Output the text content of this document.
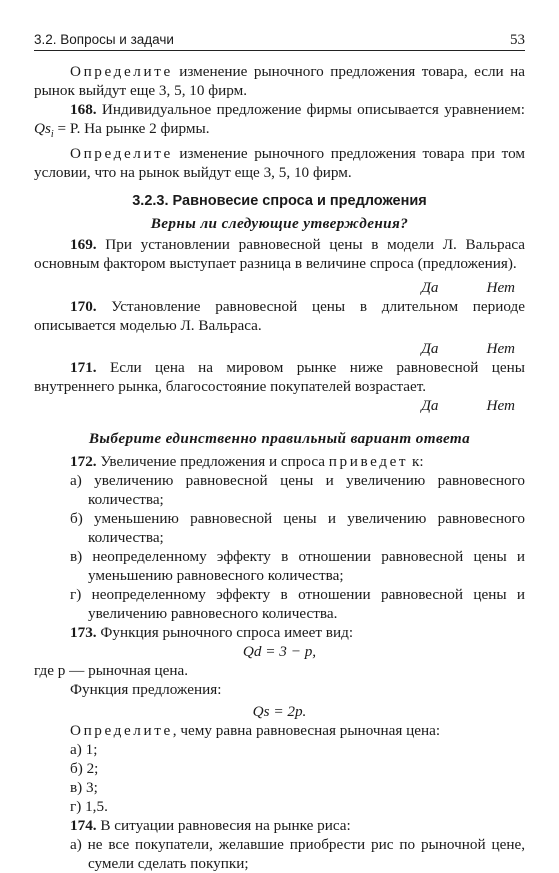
3.2. Вопросы и задачи	53

Определите изменение рыночного предложения товара, если на рынок выйдут еще 3, 5, 10 фирм.

168. Индивидуальное предложение фирмы описывается уравнением: $Qs_i = P$. На рынке 2 фирмы.

Определите изменение рыночного предложения товара при том условии, что на рынок выйдут еще 3, 5, 10 фирм.

3.2.3. Равновесие спроса и предложения
Верны ли следующие утверждения?

169. При установлении равновесной цены в модели Л. Вальраса основным фактором выступает разница в величине спроса (предложения).

Да	Нет

170. Установление равновесной цены в длительном периоде описывается моделью Л. Вальраса.

Да	Нет

171. Если цена на мировом рынке ниже равновесной цены внутреннего рынка, благосостояние покупателей возрастает.

Да	Нет
Выберите единственно правильный вариант ответа

172. Увеличение предложения и спроса приведет к:

а) увеличению равновесной цены и увеличению равновесного количества;

б) уменьшению равновесной цены и увеличению равновесного количества;

в) неопределенному эффекту в отношении равновесной цены и уменьшению равновесного количества;

г) неопределенному эффекту в отношении равновесной цены и увеличению равновесного количества.

173. Функция рыночного спроса имеет вид:

Qd = 3 − p,

где p — рыночная цена.

Функция предложения:

Qs = 2p.

Определите, чему равна равновесная рыночная цена:

а) 1;

б) 2;

в) 3;

г) 1,5.

174. В ситуации равновесия на рынке риса:

а) не все покупатели, желавшие приобрести рис по рыночной цене, сумели сделать покупки;
